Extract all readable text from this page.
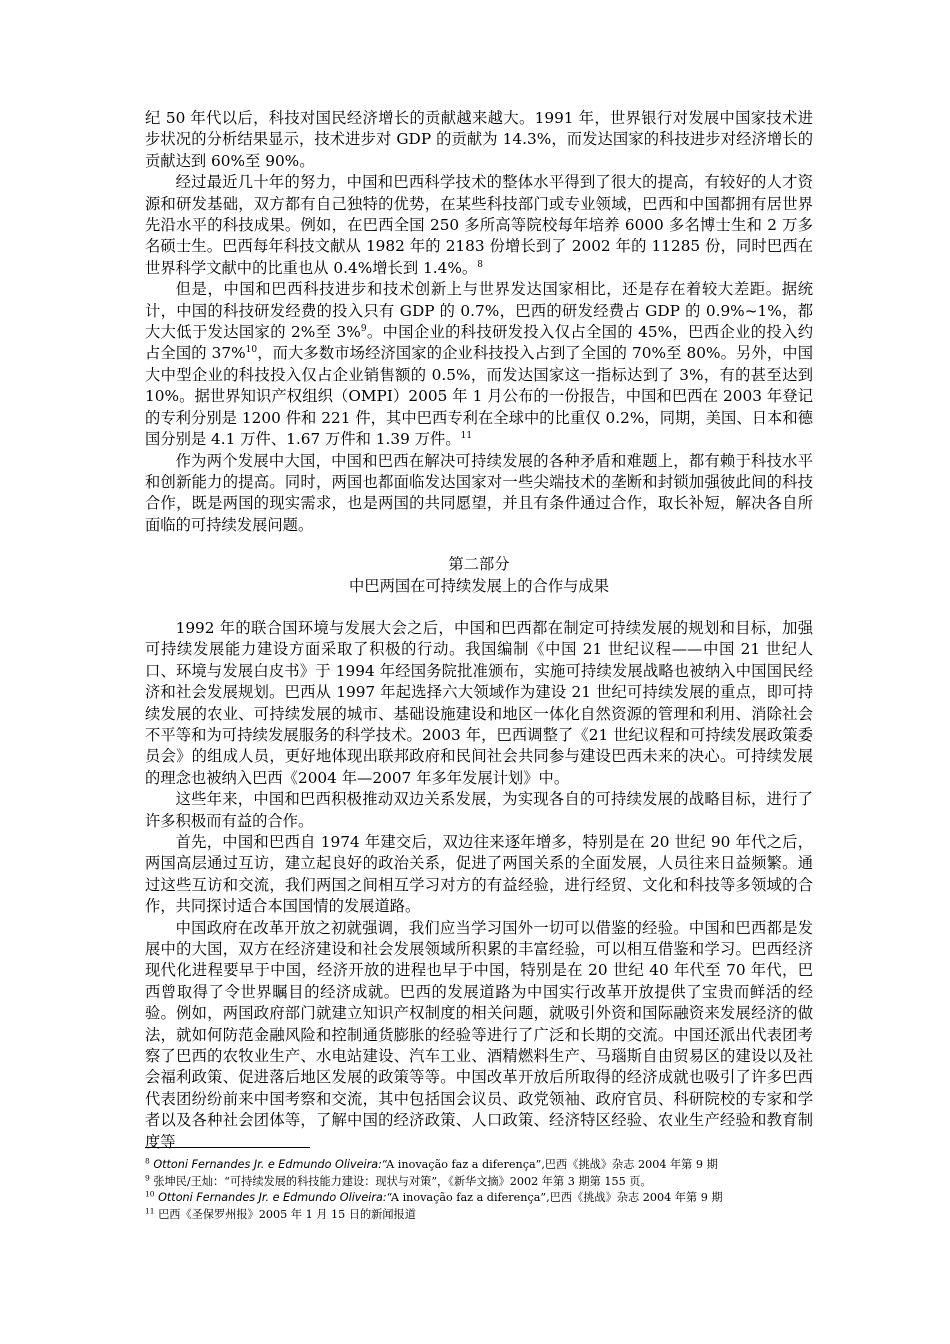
纪 50 年代以后，科技对国民经济增长的贡献越来越大。1991 年，世界银行对发展中国家技术进步状况的分析结果显示，技术进步对 GDP 的贡献为 14.3%，而发达国家的科技进步对经济增长的贡献达到 60%至 90%。

经过最近几十年的努力，中国和巴西科学技术的整体水平得到了很大的提高，有较好的人才资源和研发基础，双方都有自己独特的优势，在某些科技部门或专业领域，巴西和中国都拥有居世界先沿水平的科技成果。例如，在巴西全国 250 多所高等院校每年培养 6000 多名博士生和 2 万多名硕士生。巴西每年科技文献从 1982 年的 2183 份增长到了 2002 年的 11285 份，同时巴西在世界科学文献中的比重也从 0.4%增长到 1.4%。$^8$

但是，中国和巴西科技进步和技术创新上与世界发达国家相比，还是存在着较大差距。据统计，中国的科技研发经费的投入只有 GDP 的 0.7%，巴西的研发经费占 GDP 的 0.9%~1%，都大大低于发达国家的 2%至 3%$^9$。中国企业的科技研发投入仅占全国的 45%，巴西企业的投入约占全国的 37%$^{10}$，而大多数市场经济国家的企业科技投入占到了全国的 70%至 80%。另外，中国大中型企业的科技投入仅占企业销售额的 0.5%，而发达国家这一指标达到了 3%，有的甚至达到 10%。据世界知识产权组织（OMPI）2005 年 1 月公布的一份报告，中国和巴西在 2003 年登记的专利分别是 1200 件和 221 件，其中巴西专利在全球中的比重仅 0.2%，同期，美国、日本和德国分别是 4.1 万件、1.67 万件和 1.39 万件。$^{11}$

作为两个发展中大国，中国和巴西在解决可持续发展的各种矛盾和难题上，都有赖于科技水平和创新能力的提高。同时，两国也都面临发达国家对一些尖端技术的垄断和封锁加强彼此间的科技合作，既是两国的现实需求，也是两国的共同愿望，并且有条件通过合作，取长补短，解决各自所面临的可持续发展问题。

第二部分

中巴两国在可持续发展上的合作与成果

1992 年的联合国环境与发展大会之后，中国和巴西都在制定可持续发展的规划和目标，加强可持续发展能力建设方面采取了积极的行动。我国编制《中国 21 世纪议程——中国 21 世纪人口、环境与发展白皮书》于 1994 年经国务院批准颁布，实施可持续发展战略也被纳入中国国民经济和社会发展规划。巴西从 1997 年起选择六大领域作为建设 21 世纪可持续发展的重点，即可持续发展的农业、可持续发展的城市、基础设施建设和地区一体化自然资源的管理和利用、消除社会不平等和为可持续发展服务的科学技术。2003 年，巴西调整了《21 世纪议程和可持续发展政策委员会》的组成人员，更好地体现出联邦政府和民间社会共同参与建设巴西未来的决心。可持续发展的理念也被纳入巴西《2004 年—2007 年多年发展计划》中。

这些年来，中国和巴西积极推动双边关系发展，为实现各自的可持续发展的战略目标，进行了许多积极而有益的合作。

首先，中国和巴西自 1974 年建交后，双边往来逐年增多，特别是在 20 世纪 90 年代之后，两国高层通过互访，建立起良好的政治关系，促进了两国关系的全面发展，人员往来日益频繁。通过这些互访和交流，我们两国之间相互学习对方的有益经验，进行经贸、文化和科技等多领域的合作，共同探讨适合本国国情的发展道路。

中国政府在改革开放之初就强调，我们应当学习国外一切可以借鉴的经验。中国和巴西都是发展中的大国，双方在经济建设和社会发展领域所积累的丰富经验，可以相互借鉴和学习。巴西经济现代化进程要早于中国，经济开放的进程也早于中国，特别是在 20 世纪 40 年代至 70 年代，巴西曾取得了令世界瞩目的经济成就。巴西的发展道路为中国实行改革开放提供了宝贵而鲜活的经验。例如，两国政府部门就建立知识产权制度的相关问题，就吸引外资和国际融资来发展经济的做法，就如何防范金融风险和控制通货膨胀的经验等进行了广泛和长期的交流。中国还派出代表团考察了巴西的农牧业生产、水电站建设、汽车工业、酒精燃料生产、马瑙斯自由贸易区的建设以及社会福利政策、促进落后地区发展的政策等等。中国改革开放后所取得的经济成就也吸引了许多巴西代表团纷纷前来中国考察和交流，其中包括国会议员、政党领袖、政府官员、科研院校的专家和学者以及各种社会团体等，了解中国的经济政策、人口政策、经济特区经验、农业生产经验和教育制度等

$^8$ Ottoni Fernandes Jr. e Edmundo Oliveira:“A inovação faz a diferença”,巴西《挑战》杂志 2004 年第 9 期

$^9$ 张坤民/王灿：“可持续发展的科技能力建设：现状与对策”，《新华文摘》2002 年第 3 期第 155 页。

$^{10}$ Ottoni Fernandes Jr. e Edmundo Oliveira:“A inovação faz a diferença”,巴西《挑战》杂志 2004 年第 9 期

$^{11}$ 巴西《圣保罗州报》2005 年 1 月 15 日的新闻报道
